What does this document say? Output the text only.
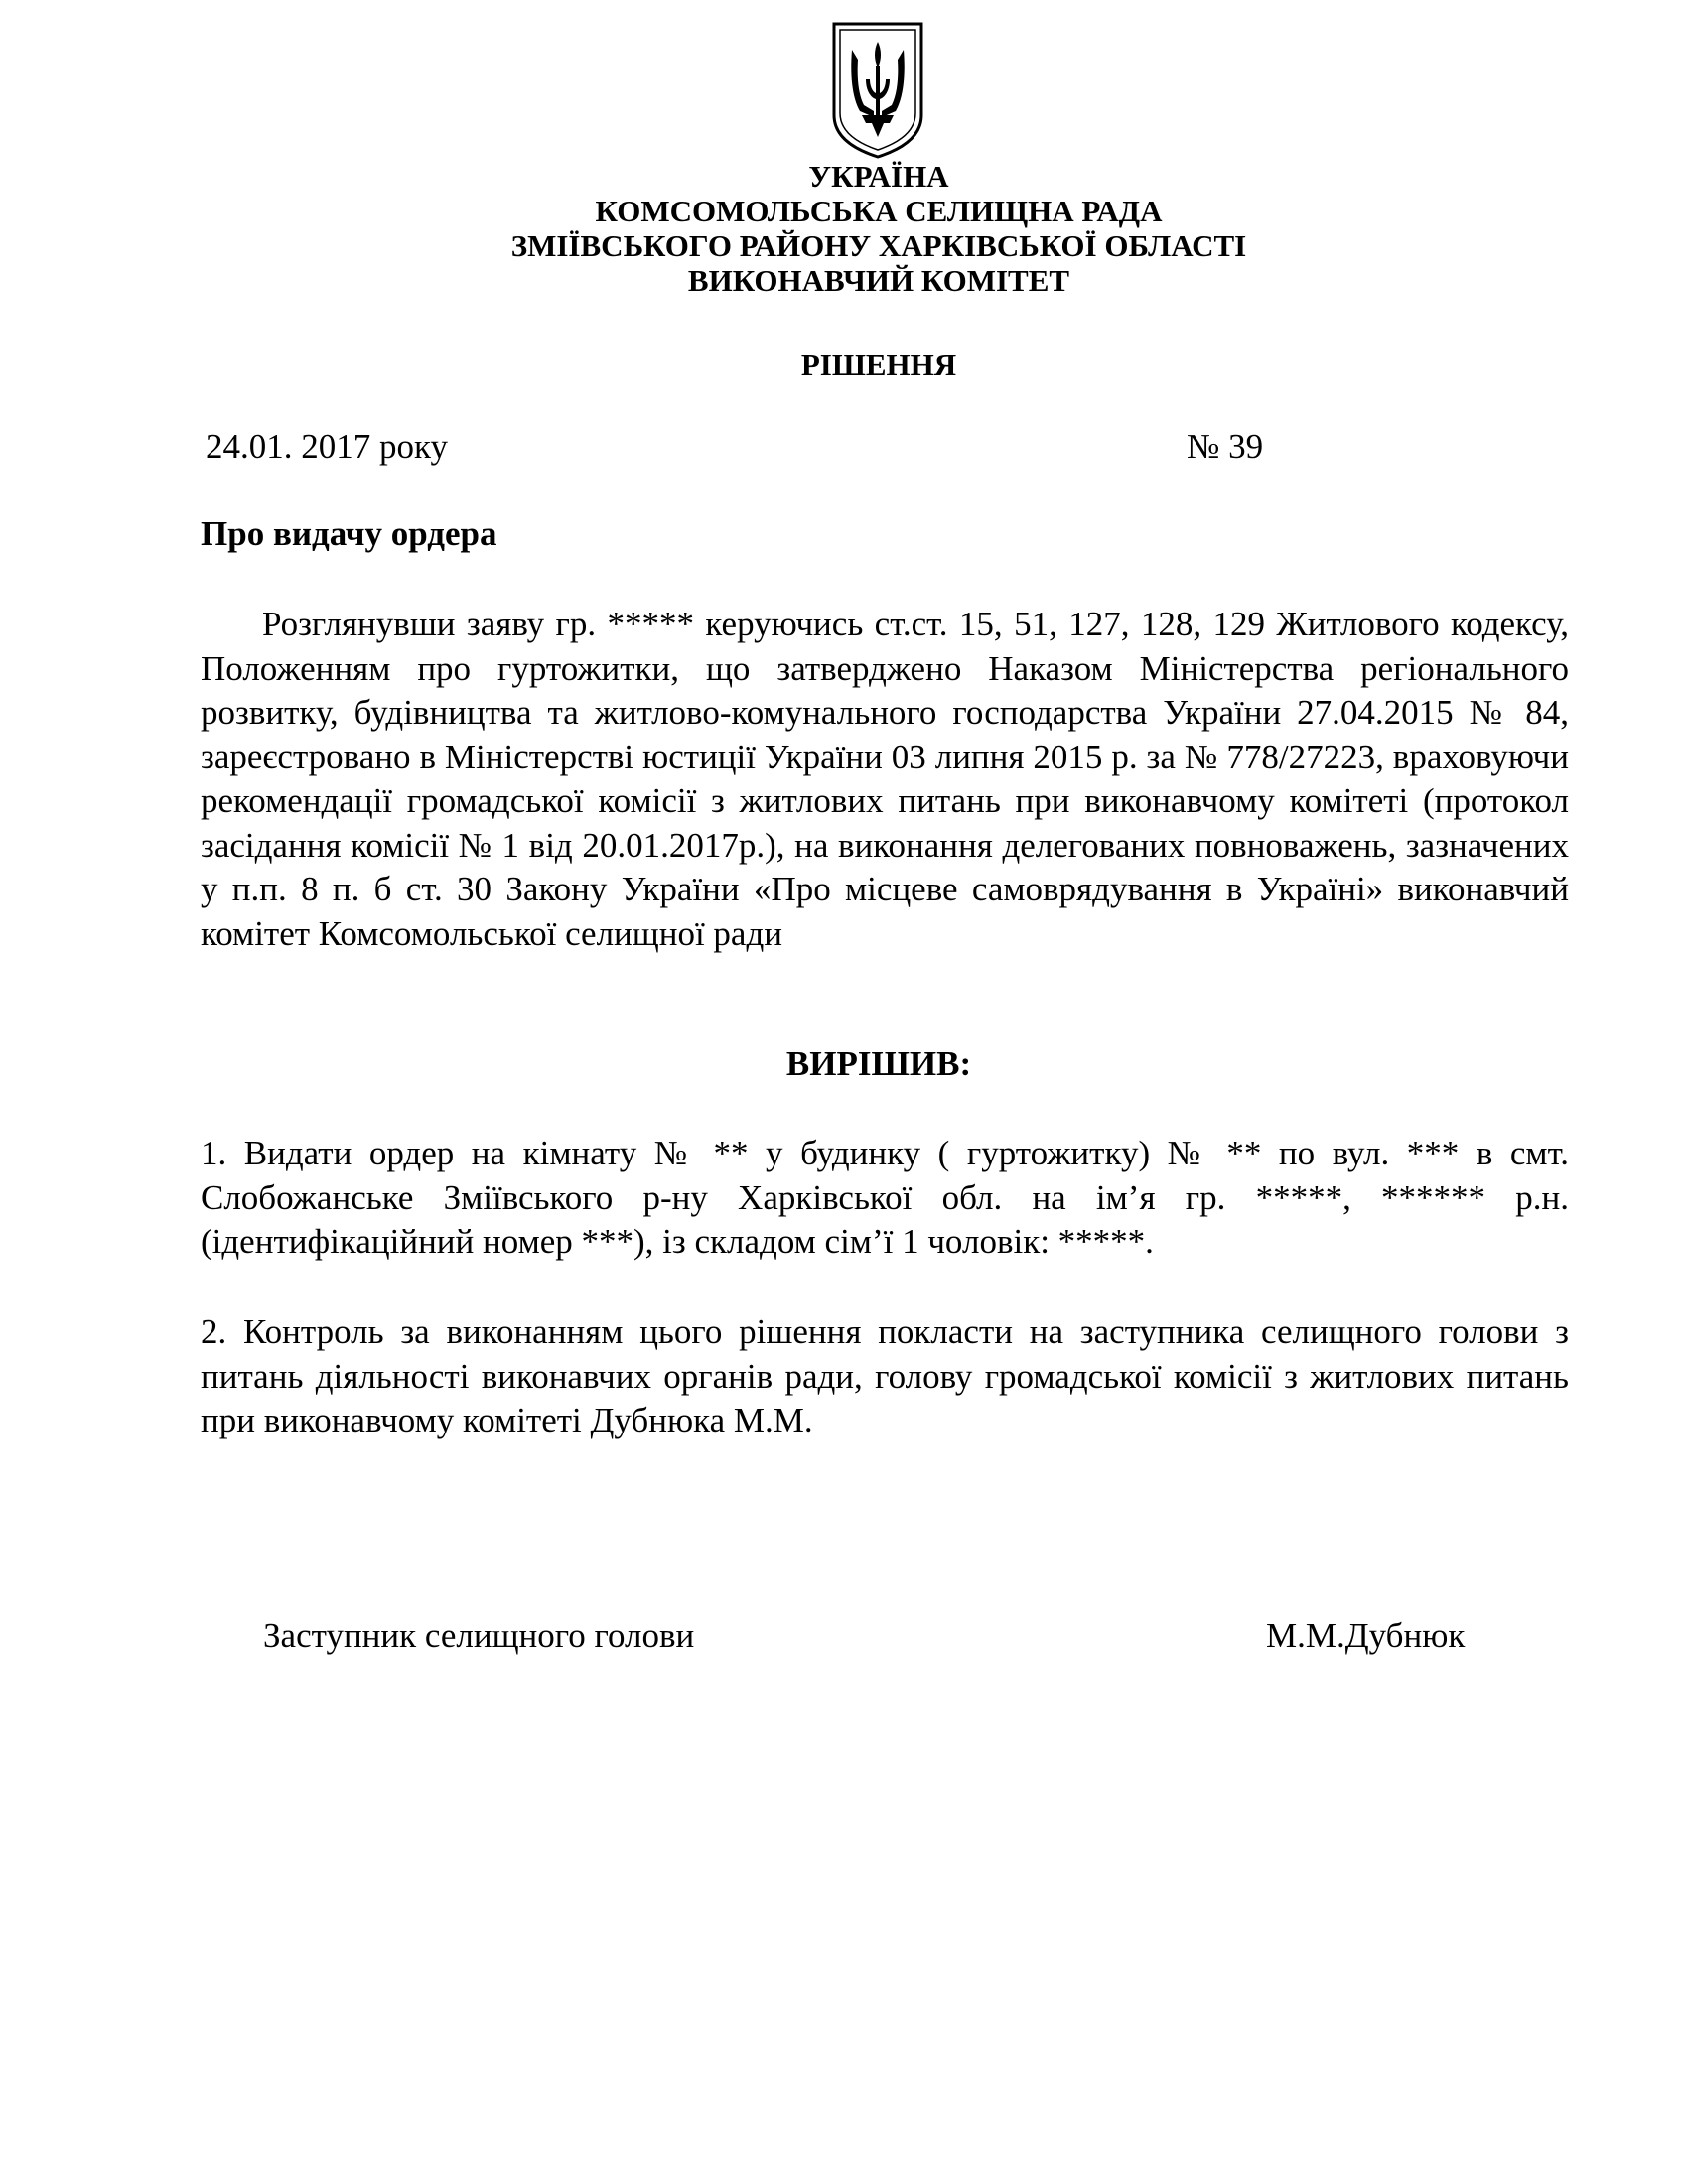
УКРАЇНА
КОМСОМОЛЬСЬКА СЕЛИЩНА РАДА
ЗМІЇВСЬКОГО РАЙОНУ ХАРКІВСЬКОЇ ОБЛАСТІ
ВИКОНАВЧИЙ КОМІТЕТ
РІШЕННЯ
24.01. 2017 року	№ 39
Про видачу ордера
Розглянувши заяву гр. ***** керуючись ст.ст. 15, 51, 127, 128, 129 Житлового кодексу, Положенням про гуртожитки, що затверджено Наказом Міністерства регіонального розвитку, будівництва та житлово-комунального господарства України 27.04.2015 № 84, зареєстровано в Міністерстві юстиції України 03 липня 2015 р. за № 778/27223, враховуючи рекомендації громадської комісії з житлових питань при виконавчому комітеті (протокол засідання комісії № 1 від 20.01.2017р.), на виконання делегованих повноважень, зазначених у п.п. 8 п. б ст. 30 Закону України «Про місцеве самоврядування в Україні» виконавчий комітет Комсомольської селищної ради
ВИРІШИВ:
1. Видати ордер на кімнату № ** у будинку ( гуртожитку) № ** по вул. *** в смт. Слобожанське Зміївського р-ну Харківської обл. на ім’я гр. *****, ****** р.н. (ідентифікаційний номер ***), із складом сім’ї 1 чоловік: *****.
2. Контроль за виконанням цього рішення покласти на заступника селищного голови з питань діяльності виконавчих органів ради, голову громадської комісії з житлових питань при виконавчому комітеті Дубнюка М.М.
Заступник селищного голови	М.М.Дубнюк
